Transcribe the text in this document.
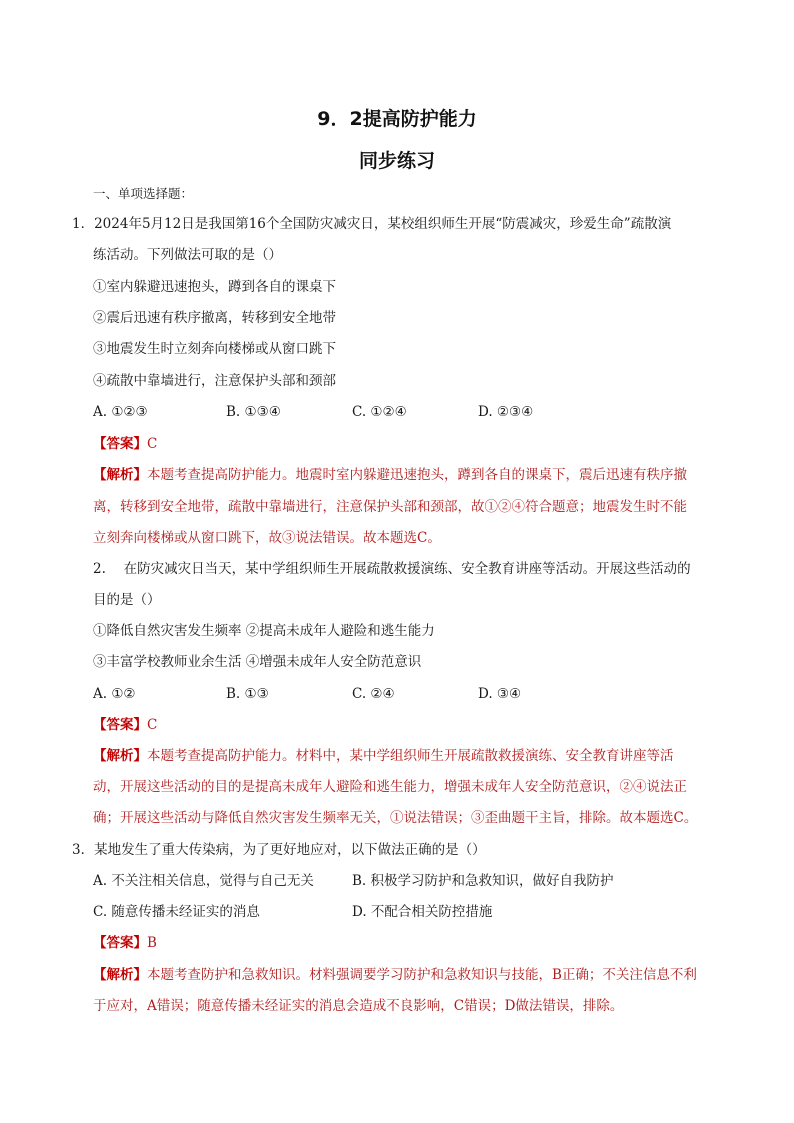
9．2提高防护能力
同步练习
一、单项选择题：
1．2024年5月12日是我国第16个全国防灾减灾日，某校组织师生开展“防震减灾，珍爱生命”疏散演
练活动。下列做法可取的是（）
①室内躲避迅速抱头，蹲到各自的课桌下
②震后迅速有秩序撤离，转移到安全地带
③地震发生时立刻奔向楼梯或从窗口跳下
④疏散中靠墙进行，注意保护头部和颈部
A. ①②③	B. ①③④	C. ①②④	D. ②③④
【答案】C
【解析】本题考查提高防护能力。地震时室内躲避迅速抱头，蹲到各自的课桌下，震后迅速有秩序撤
离，转移到安全地带，疏散中靠墙进行，注意保护头部和颈部，故①②④符合题意；地震发生时不能
立刻奔向楼梯或从窗口跳下，故③说法错误。故本题选C。
2.　 在防灾减灾日当天，某中学组织师生开展疏散救援演练、安全教育讲座等活动。开展这些活动的
目的是（）
①降低自然灾害发生频率 ②提高未成年人避险和逃生能力
③丰富学校教师业余生活 ④增强未成年人安全防范意识
A. ①②	B. ①③	C. ②④	D. ③④
【答案】C
【解析】本题考查提高防护能力。材料中，某中学组织师生开展疏散救援演练、安全教育讲座等活
动，开展这些活动的目的是提高未成年人避险和逃生能力，增强未成年人安全防范意识，②④说法正
确；开展这些活动与降低自然灾害发生频率无关，①说法错误；③歪曲题干主旨，排除。故本题选C。
3．某地发生了重大传染病，为了更好地应对，以下做法正确的是（）
A. 不关注相关信息，觉得与自己无关	B. 积极学习防护和急救知识，做好自我防护
C. 随意传播未经证实的消息	D. 不配合相关防控措施
【答案】B
【解析】本题考查防护和急救知识。材料强调要学习防护和急救知识与技能，B正确；不关注信息不利
于应对，A错误；随意传播未经证实的消息会造成不良影响，C错误；D做法错误，排除。
